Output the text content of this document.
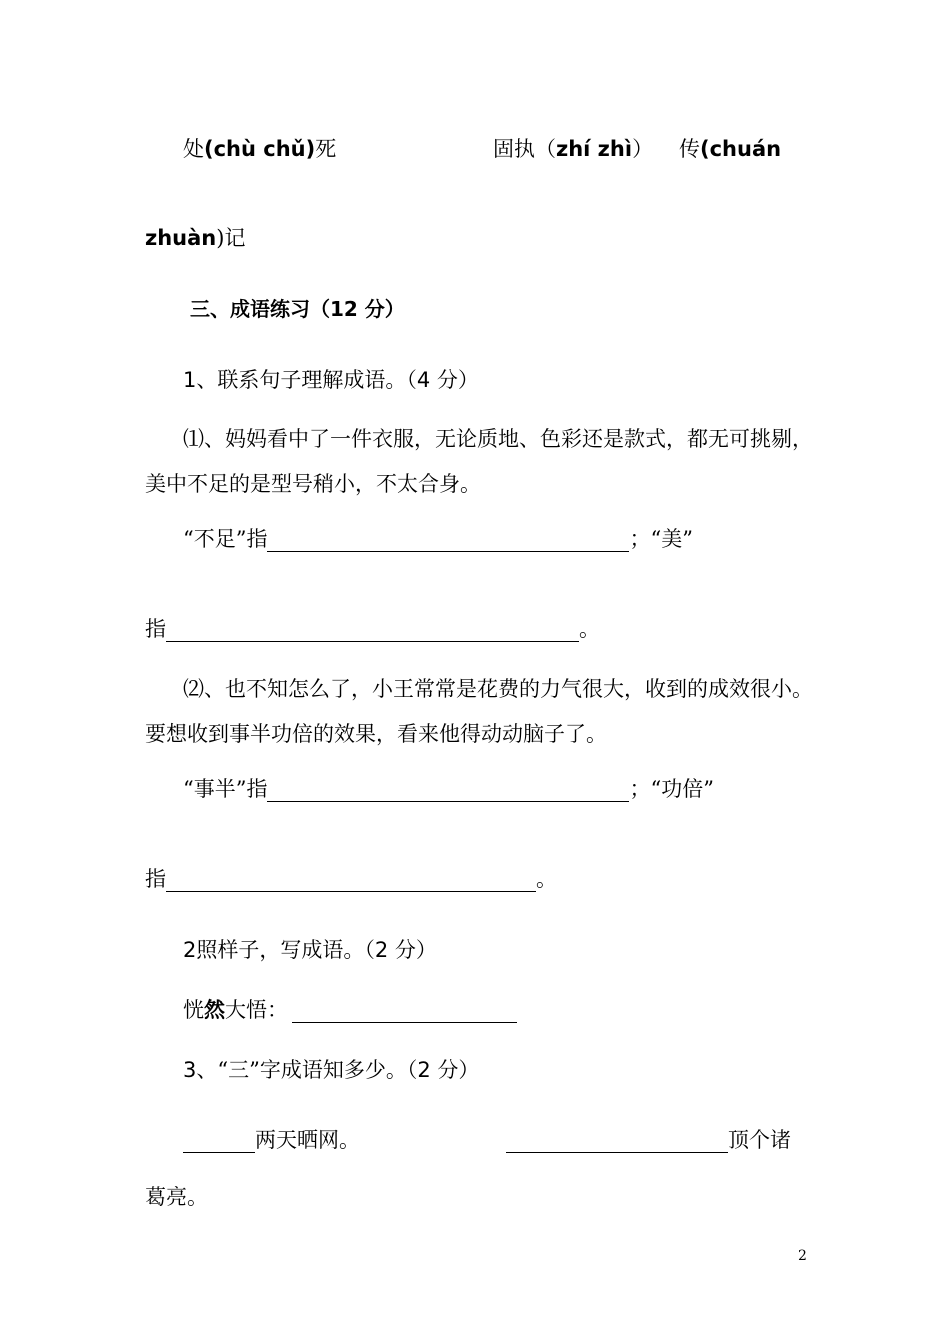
处(chù chǔ)死	固执（zhí zhì） 传(chuán
zhuàn)记
三、成语练习（12 分）
1、联系句子理解成语。（4 分）
⑴、妈妈看中了一件衣服，无论质地、色彩还是款式，都无可挑剔，
美中不足的是型号稍小，不太合身。
“不足”指	；“美”
指	。
⑵、也不知怎么了，小王常常是花费的力气很大，收到的成效很小。
要想收到事半功倍的效果，看来他得动动脑子了。
“事半”指	；“功倍”
指	。
2照样子，写成语。（2 分）
恍然大悟：
3、“三”字成语知多少。（2 分）
两天晒网。	顶个诸
葛亮。
2
